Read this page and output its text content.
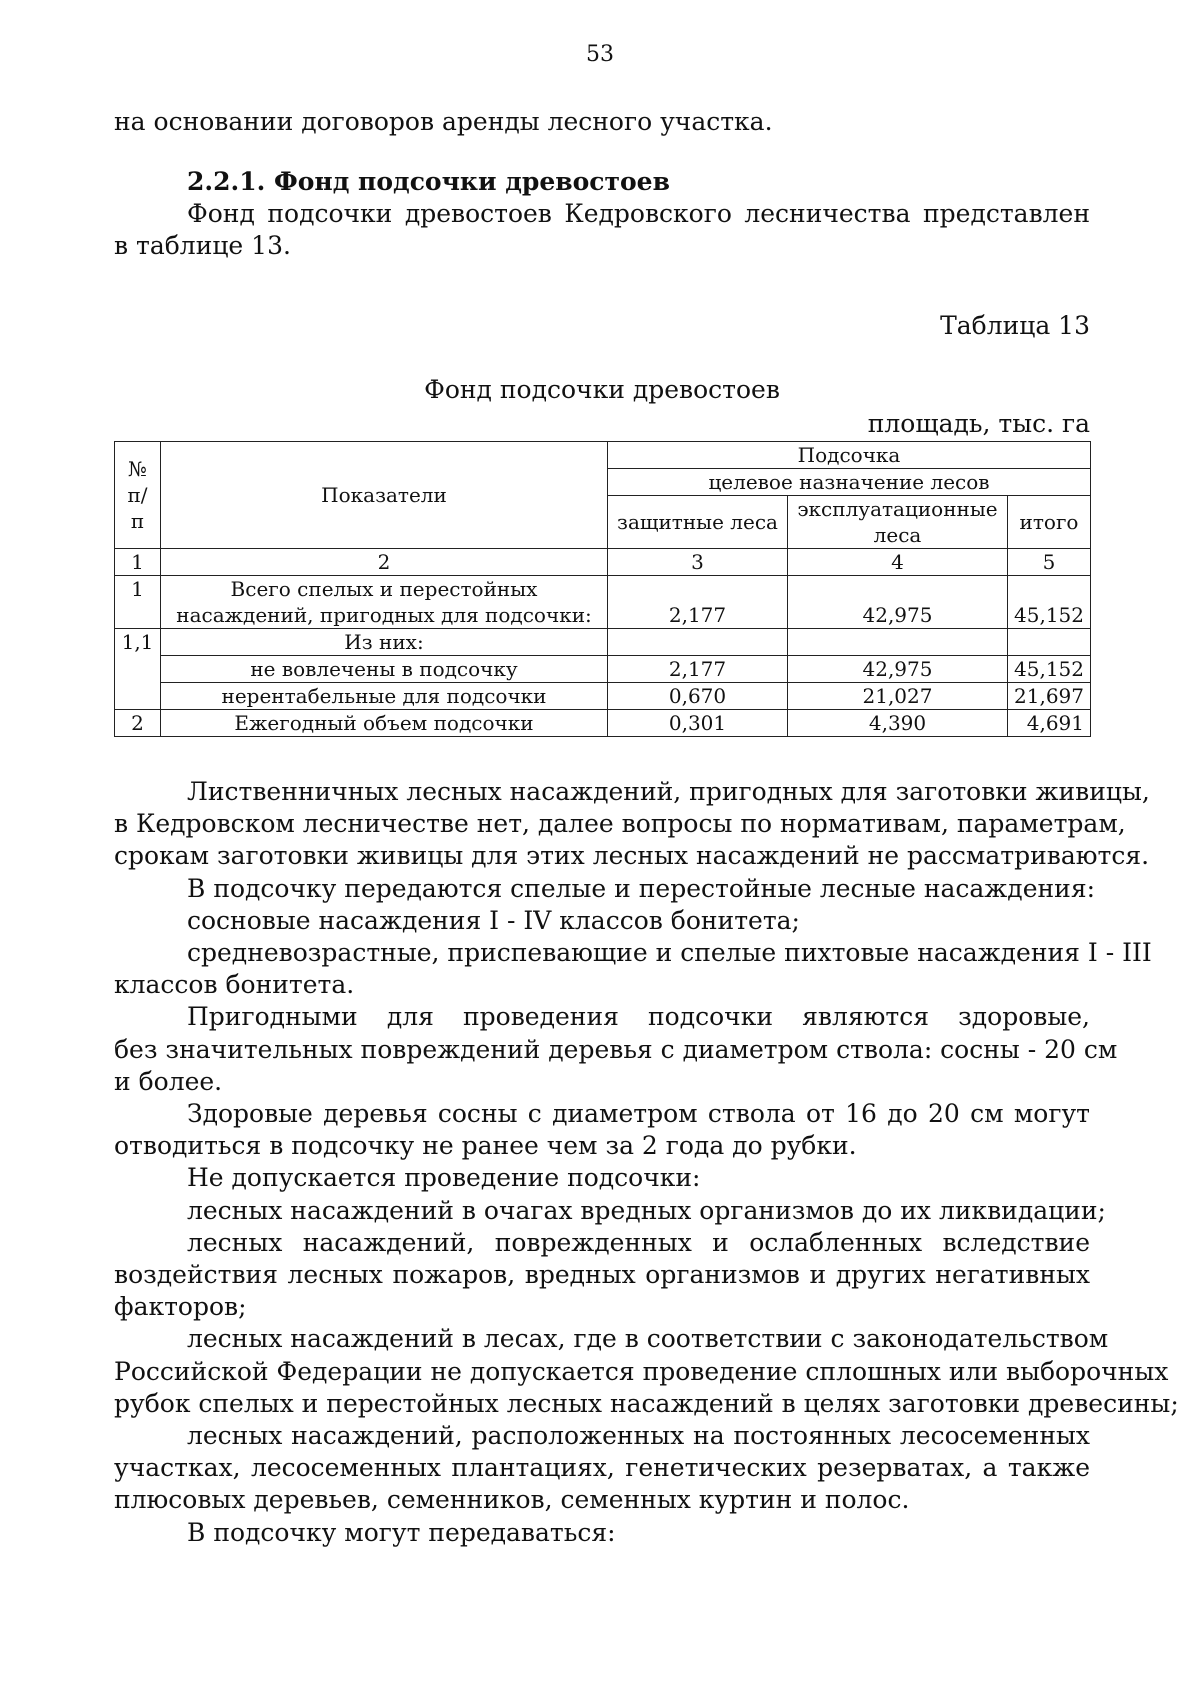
53
на основании договоров аренды лесного участка.
2.2.1. Фонд подсочки древостоев
Фонд подсочки древостоев Кедровского лесничества представлен
в таблице 13.
Таблица 13
Фонд подсочки древостоев
площадь, тыс. га
№ п/п	Показатели	Подсочка		
		целевое назначение лесов		
		защитные леса	эксплуатационные леса	итого
1	2	3	4	5
1	Всего спелых и перестойных насаждений, пригодных для подсочки:	2,177	42,975	45,152
1,1	Из них:			
	не вовлечены в подсочку	2,177	42,975	45,152
	нерентабельные для подсочки	0,670	21,027	21,697
2	Ежегодный объем подсочки	0,301	4,390	4,691
Лиственничных лесных насаждений, пригодных для заготовки живицы,
в Кедровском лесничестве нет, далее вопросы по нормативам, параметрам,
срокам заготовки живицы для этих лесных насаждений не рассматриваются.
В подсочку передаются спелые и перестойные лесные насаждения:
сосновые насаждения I - IV классов бонитета;
средневозрастные, приспевающие и спелые пихтовые насаждения I - III
классов бонитета.
Пригодными для проведения подсочки являются здоровые,
без значительных повреждений деревья с диаметром ствола: сосны - 20 см
и более.
Здоровые деревья сосны с диаметром ствола от 16 до 20 см могут
отводиться в подсочку не ранее чем за 2 года до рубки.
Не допускается проведение подсочки:
лесных насаждений в очагах вредных организмов до их ликвидации;
лесных насаждений, поврежденных и ослабленных вследствие
воздействия лесных пожаров, вредных организмов и других негативных
факторов;
лесных насаждений в лесах, где в соответствии с законодательством
Российской Федерации не допускается проведение сплошных или выборочных
рубок спелых и перестойных лесных насаждений в целях заготовки древесины;
лесных насаждений, расположенных на постоянных лесосеменных
участках, лесосеменных плантациях, генетических резерватах, а также
плюсовых деревьев, семенников, семенных куртин и полос.
В подсочку могут передаваться:
